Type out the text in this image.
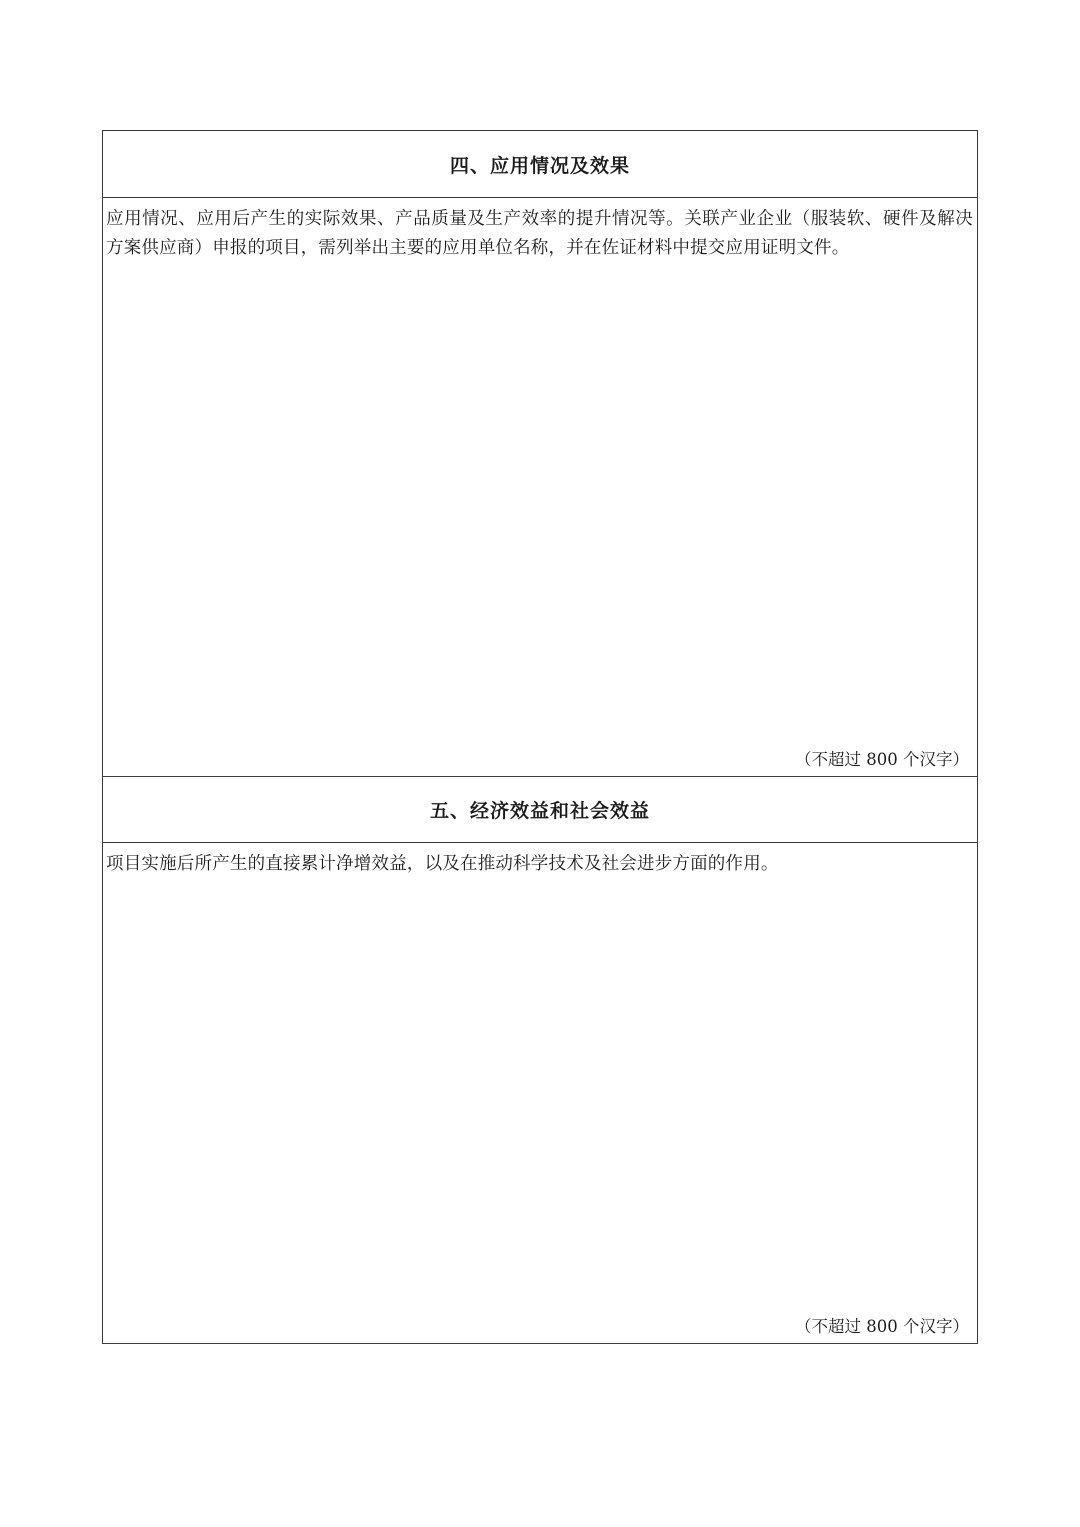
四、应用情况及效果
应用情况、应用后产生的实际效果、产品质量及生产效率的提升情况等。关联产业企业（服装软、硬件及解决方案供应商）申报的项目，需列举出主要的应用单位名称，并在佐证材料中提交应用证明文件。
（不超过 800 个汉字）
五、经济效益和社会效益
项目实施后所产生的直接累计净增效益，以及在推动科学技术及社会进步方面的作用。
（不超过 800 个汉字）
